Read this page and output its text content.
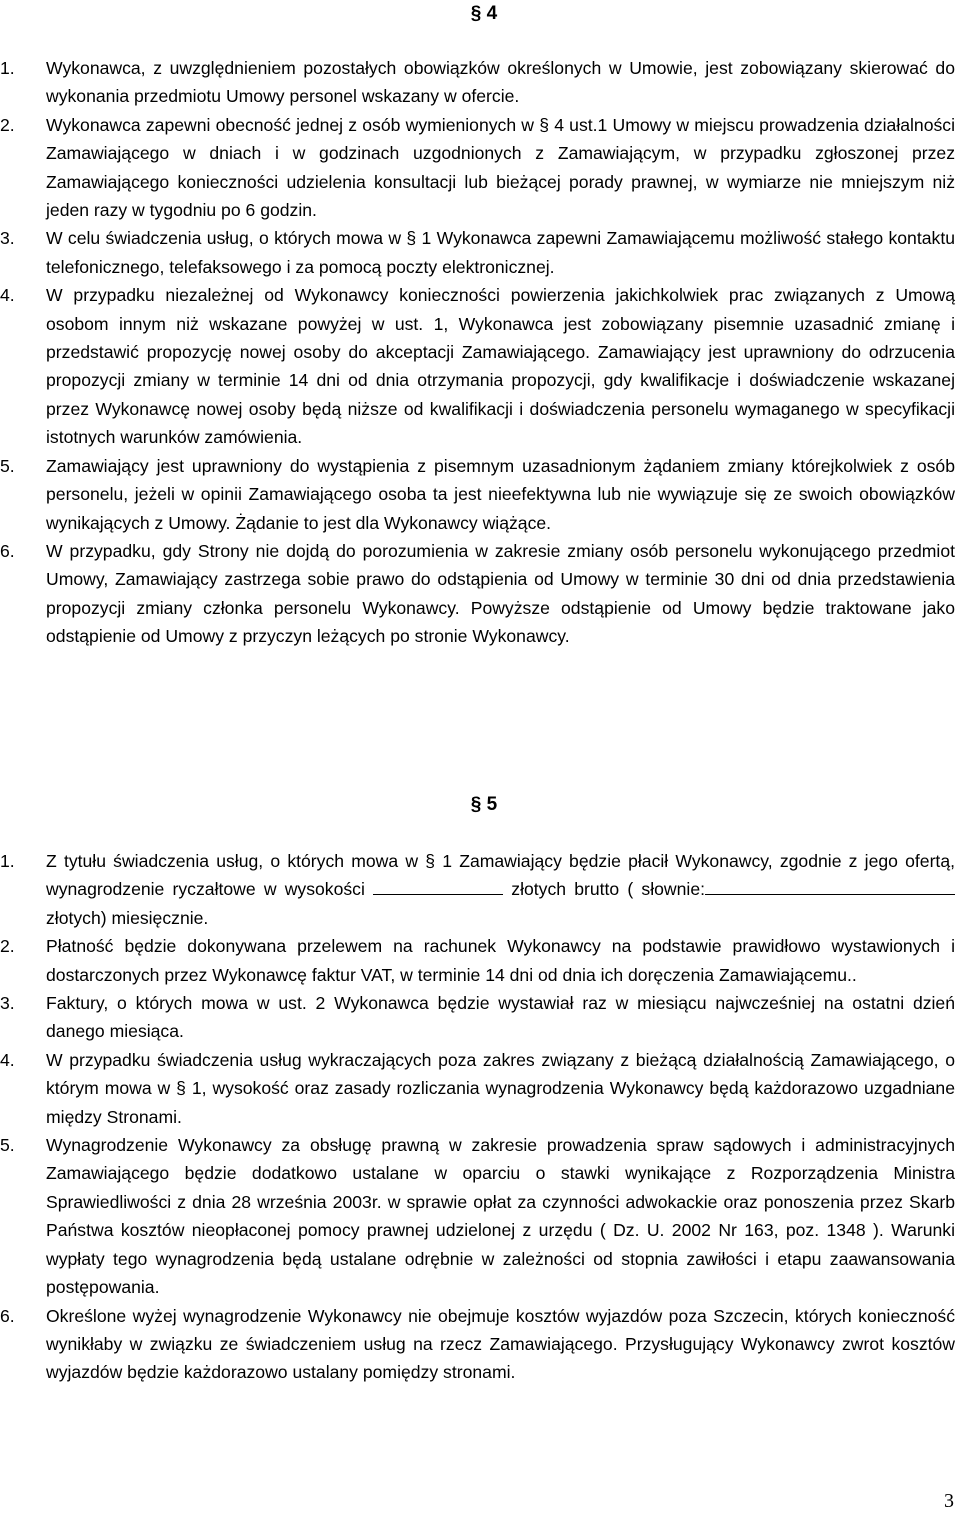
§ 4
1.	Wykonawca, z uwzględnieniem pozostałych obowiązków określonych w Umowie, jest zobowiązany skierować do wykonania przedmiotu Umowy personel wskazany w ofercie.
2.	Wykonawca zapewni obecność jednej z osób wymienionych w § 4 ust.1 Umowy w miejscu prowadzenia działalności Zamawiającego w dniach i w godzinach uzgodnionych z Zamawiającym, w przypadku zgłoszonej przez Zamawiającego konieczności udzielenia konsultacji lub bieżącej porady prawnej, w wymiarze nie mniejszym niż jeden razy w tygodniu po 6 godzin.
3.	W celu świadczenia usług, o których mowa w § 1 Wykonawca zapewni Zamawiającemu możliwość stałego kontaktu telefonicznego, telefaksowego i za pomocą poczty elektronicznej.
4.	W przypadku niezależnej od Wykonawcy konieczności powierzenia jakichkolwiek prac związanych z Umową osobom innym niż wskazane powyżej w ust. 1, Wykonawca jest zobowiązany pisemnie uzasadnić zmianę i przedstawić propozycję nowej osoby do akceptacji Zamawiającego. Zamawiający jest uprawniony do odrzucenia propozycji zmiany w terminie 14 dni od dnia otrzymania propozycji, gdy kwalifikacje i doświadczenie wskazanej przez Wykonawcę nowej osoby będą niższe od kwalifikacji i doświadczenia personelu wymaganego w specyfikacji istotnych warunków zamówienia.
5.	Zamawiający jest uprawniony do wystąpienia z pisemnym uzasadnionym żądaniem zmiany którejkolwiek z osób personelu, jeżeli w opinii Zamawiającego osoba ta jest nieefektywna lub nie wywiązuje się ze swoich obowiązków wynikających z Umowy. Żądanie to jest dla Wykonawcy wiążące.
6.	W przypadku, gdy Strony nie dojdą do porozumienia w zakresie zmiany osób personelu wykonującego przedmiot Umowy, Zamawiający zastrzega sobie prawo do odstąpienia od Umowy w terminie 30 dni od dnia przedstawienia propozycji zmiany członka personelu Wykonawcy. Powyższe odstąpienie od Umowy będzie traktowane jako odstąpienie od Umowy z przyczyn leżących po stronie Wykonawcy.
§ 5
1.	Z tytułu świadczenia usług, o których mowa w § 1 Zamawiający będzie płacił Wykonawcy, zgodnie z jego ofertą, wynagrodzenie ryczałtowe w wysokości	złotych brutto ( słownie: złotych) miesięcznie.
2.	Płatność będzie dokonywana przelewem na rachunek Wykonawcy na podstawie prawidłowo wystawionych i dostarczonych przez Wykonawcę faktur VAT, w terminie 14 dni od dnia ich doręczenia Zamawiającemu..
3.	Faktury, o których mowa w ust. 2 Wykonawca będzie wystawiał raz w miesiącu najwcześniej na ostatni dzień danego miesiąca.
4.	W przypadku świadczenia usług wykraczających poza zakres związany z bieżącą działalnością Zamawiającego, o którym mowa w § 1, wysokość oraz zasady rozliczania wynagrodzenia Wykonawcy będą każdorazowo uzgadniane między Stronami.
5.	Wynagrodzenie Wykonawcy za obsługę prawną w zakresie prowadzenia spraw sądowych i administracyjnych Zamawiającego będzie dodatkowo ustalane w oparciu o stawki wynikające z Rozporządzenia Ministra Sprawiedliwości z dnia 28 września 2003r. w sprawie opłat za czynności adwokackie oraz ponoszenia przez Skarb Państwa kosztów nieopłaconej pomocy prawnej udzielonej z urzędu ( Dz. U. 2002 Nr 163, poz. 1348 ). Warunki wypłaty tego wynagrodzenia będą ustalane odrębnie w zależności od stopnia zawiłości i etapu zaawansowania postępowania.
6.	Określone wyżej wynagrodzenie Wykonawcy nie obejmuje kosztów wyjazdów poza Szczecin, których konieczność wynikłaby w związku ze świadczeniem usług na rzecz Zamawiającego. Przysługujący Wykonawcy zwrot kosztów wyjazdów będzie każdorazowo ustalany pomiędzy stronami.
3
